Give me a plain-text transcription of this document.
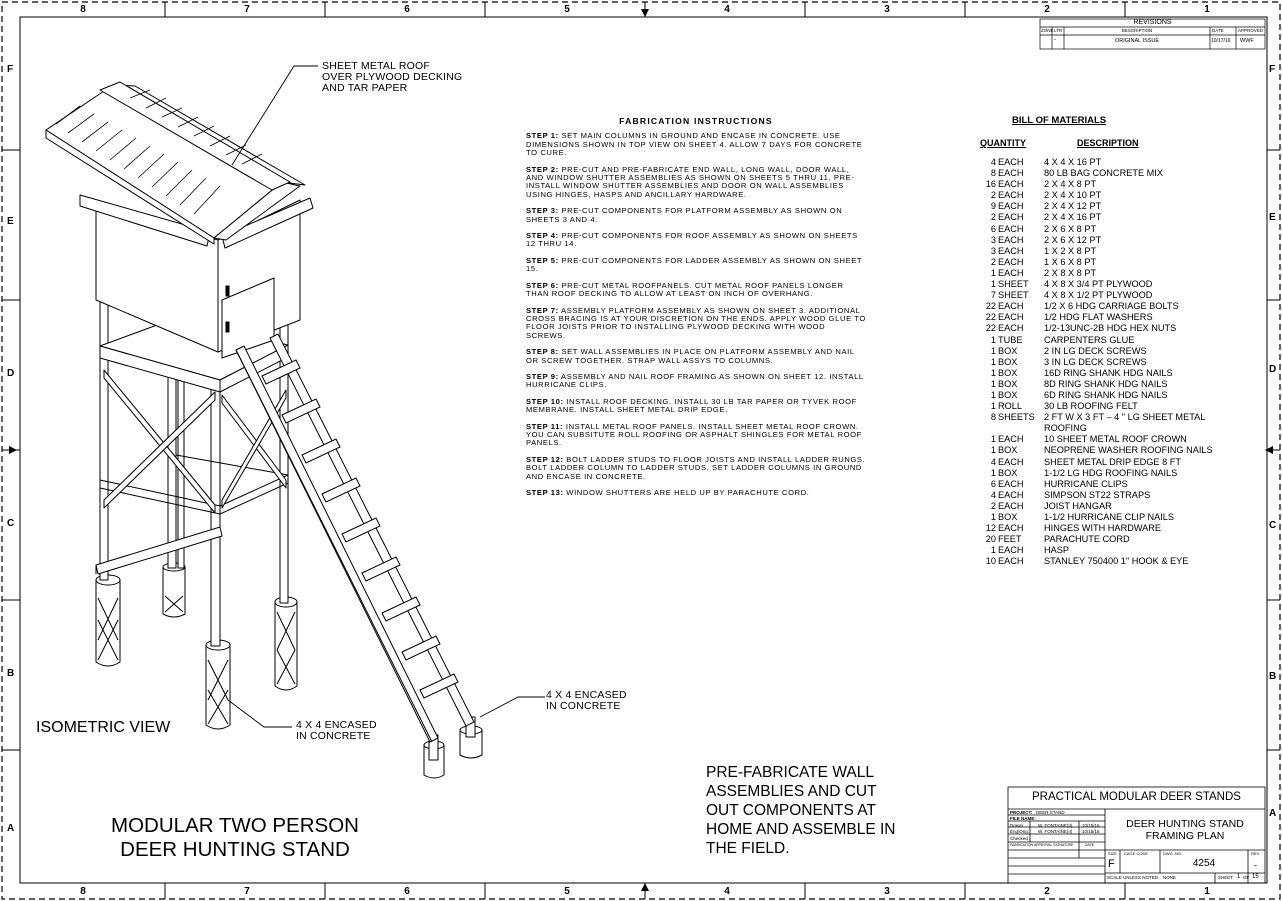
8	7	6	5	4	3	2	1
8	7	6	5	4	3	2	1
F
E
D
C
B
A
F
E
D
C
B
A
REVISIONS
ZONE LTR	DESCRIPTION	DATE	APPROVED
-	ORIGINAL ISSUE	10/17/16 WWF
SHEET METAL ROOF
OVER PLYWOOD DECKING
AND TAR PAPER
4 X 4 ENCASED
IN CONCRETE
4 X 4 ENCASED
IN CONCRETE
ISOMETRIC VIEW
MODULAR TWO PERSON
DEER HUNTING STAND
PRE-FABRICATE WALL
ASSEMBLIES AND CUT
OUT COMPONENTS AT
HOME AND ASSEMBLE IN
THE FIELD.
FABRICATION INSTRUCTIONS
STEP 1: SET MAIN COLUMNS IN GROUND AND ENCASE IN CONCRETE. USE DIMENSIONS SHOWN IN TOP VIEW ON SHEET 4. ALLOW 7 DAYS FOR CONCRETE TO CURE.
STEP 2: PRE-CUT AND PRE-FABRICATE END WALL, LONG WALL, DOOR WALL, AND WINDOW SHUTTER ASSEMBLIES AS SHOWN ON SHEETS 5 THRU 11. PRE-INSTALL WINDOW SHUTTER ASSEMBLIES AND DOOR ON WALL ASSEMBLIES USING HINGES, HASPS AND ANCILLARY HARDWARE.
STEP 3: PRE-CUT COMPONENTS FOR PLATFORM ASSEMBLY AS SHOWN ON SHEETS 3 AND 4.
STEP 4: PRE-CUT COMPONENTS FOR ROOF ASSEMBLY AS SHOWN ON SHEETS 12 THRU 14.
STEP 5: PRE-CUT COMPONENTS FOR LADDER ASSEMBLY AS SHOWN ON SHEET 15.
STEP 6: PRE-CUT METAL ROOFPANELS. CUT METAL ROOF PANELS LONGER THAN ROOF DECKING TO ALLOW AT LEAST ON INCH OF OVERHANG.
STEP 7: ASSEMBLY PLATFORM ASSEMBLY AS SHOWN ON SHEET 3. ADDITIONAL CROSS BRACING IS AT YOUR DISCRETION ON THE ENDS. APPLY WOOD GLUE TO FLOOR JOISTS PRIOR TO INSTALLING PLYWOOD DECKING WITH WOOD SCREWS.
STEP 8: SET WALL ASSEMBLIES IN PLACE ON PLATFORM ASSEMBLY AND NAIL OR SCREW TOGETHER. STRAP WALL ASSYS TO COLUMNS.
STEP 9: ASSEMBLY AND NAIL ROOF FRAMING AS SHOWN ON SHEET 12. INSTALL HURRICANE CLIPS.
STEP 10: INSTALL ROOF DECKING. INSTALL 30 LB TAR PAPER OR TYVEK ROOF MEMBRANE. INSTALL SHEET METAL DRIP EDGE.
STEP 11: INSTALL METAL ROOF PANELS. INSTALL SHEET METAL ROOF CROWN. YOU CAN SUBSITUTE ROLL ROOFING OR ASPHALT SHINGLES FOR METAL ROOF PANELS.
STEP 12: BOLT LADDER STUDS TO FLOOR JOISTS AND INSTALL LADDER RUNGS. BOLT LADDER COLUMN TO LADDER STUDS. SET LADDER COLUMNS IN GROUND AND ENCASE IN CONCRETE.
STEP 13: WINDOW SHUTTERS ARE HELD UP BY PARACHUTE CORD.
BILL OF MATERIALS
QUANTITY	DESCRIPTION
4 EACH 4 X 4 X 16 PT
8 EACH 80 LB BAG CONCRETE MIX
16 EACH 2 X 4 X 8 PT
2 EACH 2 X 4 X 10 PT
9 EACH 2 X 4 X 12 PT
2 EACH 2 X 4 X 16 PT
6 EACH 2 X 6 X 8 PT
3 EACH 2 X 6 X 12 PT
3 EACH 1 X 2 X 8 PT
2 EACH 1 X 6 X 8 PT
1 EACH 2 X 8 X 8 PT
1 SHEET 4 X 8 X 3/4 PT PLYWOOD
7 SHEET 4 X 8 X 1/2 PT PLYWOOD
22 EACH 1/2 X 6 HDG CARRIAGE BOLTS
22 EACH 1/2 HDG FLAT WASHERS
22 EACH 1/2-13UNC-2B HDG HEX NUTS
1 TUBE CARPENTERS GLUE
1 BOX	2 IN LG DECK SCREWS
1 BOX	3 IN LG DECK SCREWS
1 BOX	16D RING SHANK HDG NAILS
1 BOX	8D RING SHANK HDG NAILS
1 BOX	6D RING SHANK HDG NAILS
1 ROLL 30 LB ROOFING FELT
8 SHEETS 2 FT W X 3 FT – 4 " LG SHEET METAL ROOFING
1 EACH 10 SHEET METAL ROOF CROWN
1 BOX	NEOPRENE WASHER ROOFING NAILS
4 EACH SHEET METAL DRIP EDGE 8 FT
1 BOX	1-1/2 LG HDG ROOFING NAILS
6 EACH HURRICANE CLIPS
4 EACH SIMPSON ST22 STRAPS
2 EACH JOIST HANGAR
1 BOX	1-1/2 HURRICANE CLIP NAILS
12 EACH HINGES WITH HARDWARE
20 FEET PARACHUTE CORD
1 EACH HASP
10 EACH STANLEY 750400 1" HOOK & EYE
PRACTICAL MODULAR DEER STANDS
PROJECT: DEER STAND
FILE NAME:
Drawn	W. FONTAINE(II) 10/15/16
Eng/Orig: W. FONTAINE(II) 10/15/16
Checked
FABRICATION APPROVAL SIGNATURE	DATE
DEER HUNTING STAND
FRAMING PLAN
SIZE
F
CAGE CODE	DWG. NO.
4254
REV
-
SCALE UNLESS NOTED: NONE	SHEET 1 OF 15
